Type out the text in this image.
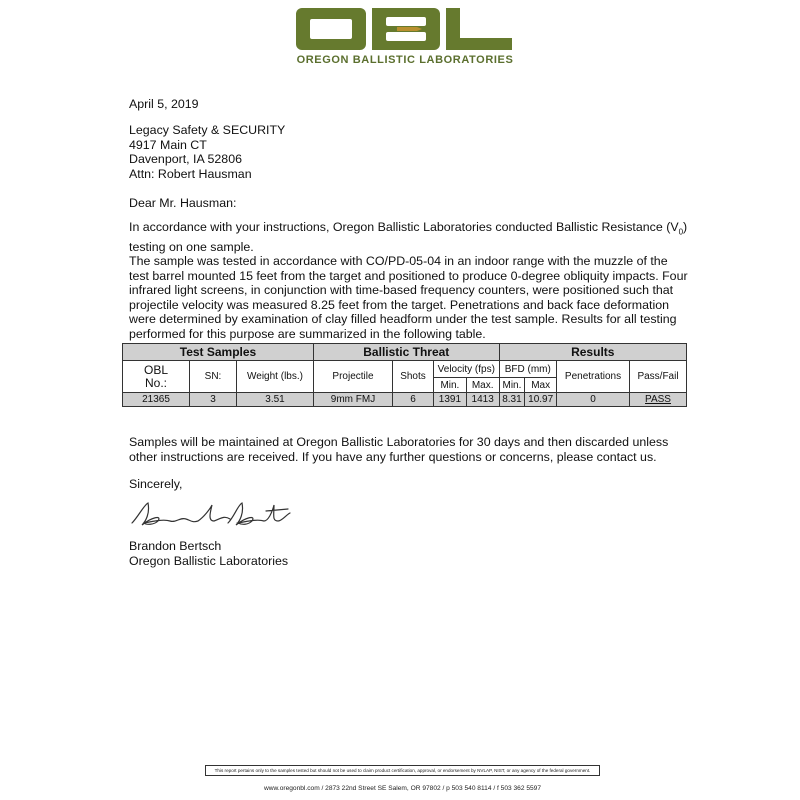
OREGON BALLISTIC LABORATORIES
April 5, 2019
Legacy Safety & SECURITY
4917 Main CT
Davenport, IA 52806
Attn: Robert Hausman
Dear Mr. Hausman:
In accordance with your instructions, Oregon Ballistic Laboratories conducted Ballistic Resistance $(V_0)$ testing on one sample.
The sample was tested in accordance with CO/PD-05-04 in an indoor range with the muzzle of the test barrel mounted 15 feet from the target and positioned to produce 0-degree obliquity impacts. Four infrared light screens, in conjunction with time-based frequency counters, were positioned such that projectile velocity was measured 8.25 feet from the target. Penetrations and back face deformation were determined by examination of clay filled headform under the test sample. Results for all testing performed for this purpose are summarized in the following table.
Test Samples			Ballistic Threat				Results			

OBL
No.:	SN:	Weight (lbs.)	Projectile	Shots	Velocity (fps)		BFD (mm)		Penetrations	Pass/Fail
					Min.	Max.	Min.	Max		
21365	3	3.51	9mm FMJ	6	1391	1413	8.31	10.97	0	PASS
Samples will be maintained at Oregon Ballistic Laboratories for 30 days and then discarded unless other instructions are received. If you have any further questions or concerns, please contact us.
Sincerely,
Brandon Bertsch
Oregon Ballistic Laboratories
This report pertains only to the samples tested but should not be used to claim product certification, approval, or endorsement by NVLAP, NIST, or any agency of the federal government.
www.oregonbl.com / 2873 22nd Street SE Salem, OR 97802 / p 503 540 8114 / f 503 362 5597
